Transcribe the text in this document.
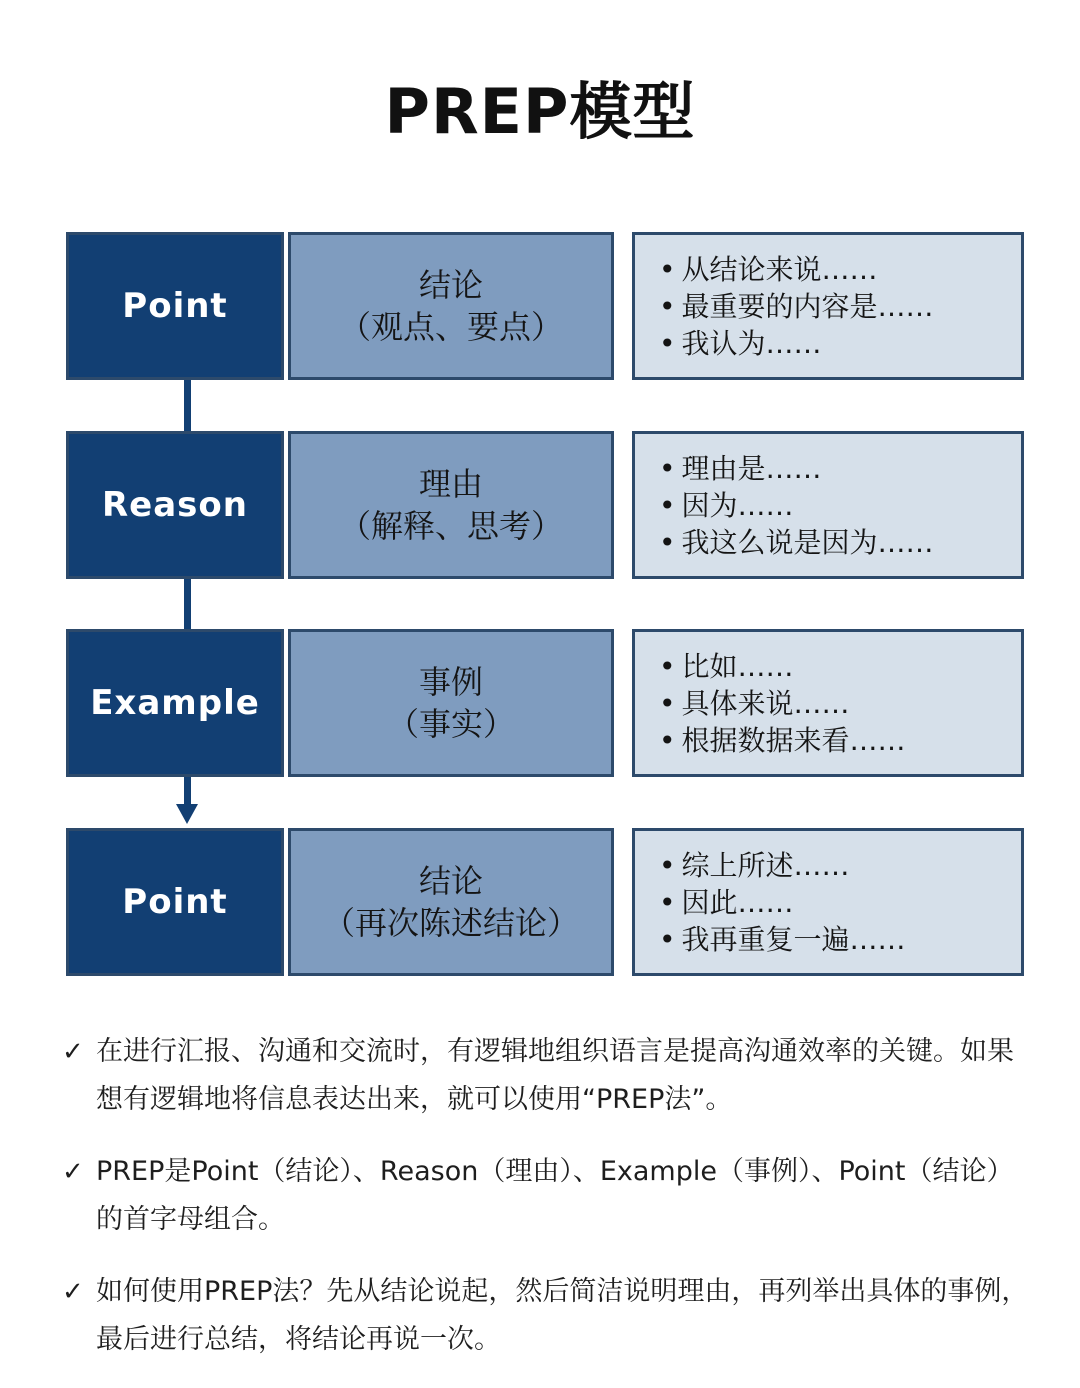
PREP模型
Point
结论
（观点、要点）
• 从结论来说……
• 最重要的内容是……
• 我认为……
Reason
理由
（解释、思考）
• 理由是……
• 因为……
• 我这么说是因为……
Example
事例
（事实）
• 比如……
• 具体来说……
• 根据数据来看……
Point
结论
（再次陈述结论）
• 综上所述……
• 因此……
• 我再重复一遍……
✓ 在进行汇报、沟通和交流时，有逻辑地组织语言是提高沟通效率的关键。如果想有逻辑地将信息表达出来，就可以使用“PREP法”。
✓ PREP是Point（结论）、Reason（理由）、Example（事例）、Point（结论）的首字母组合。
✓ 如何使用PREP法？先从结论说起，然后简洁说明理由，再列举出具体的事例，最后进行总结，将结论再说一次。
